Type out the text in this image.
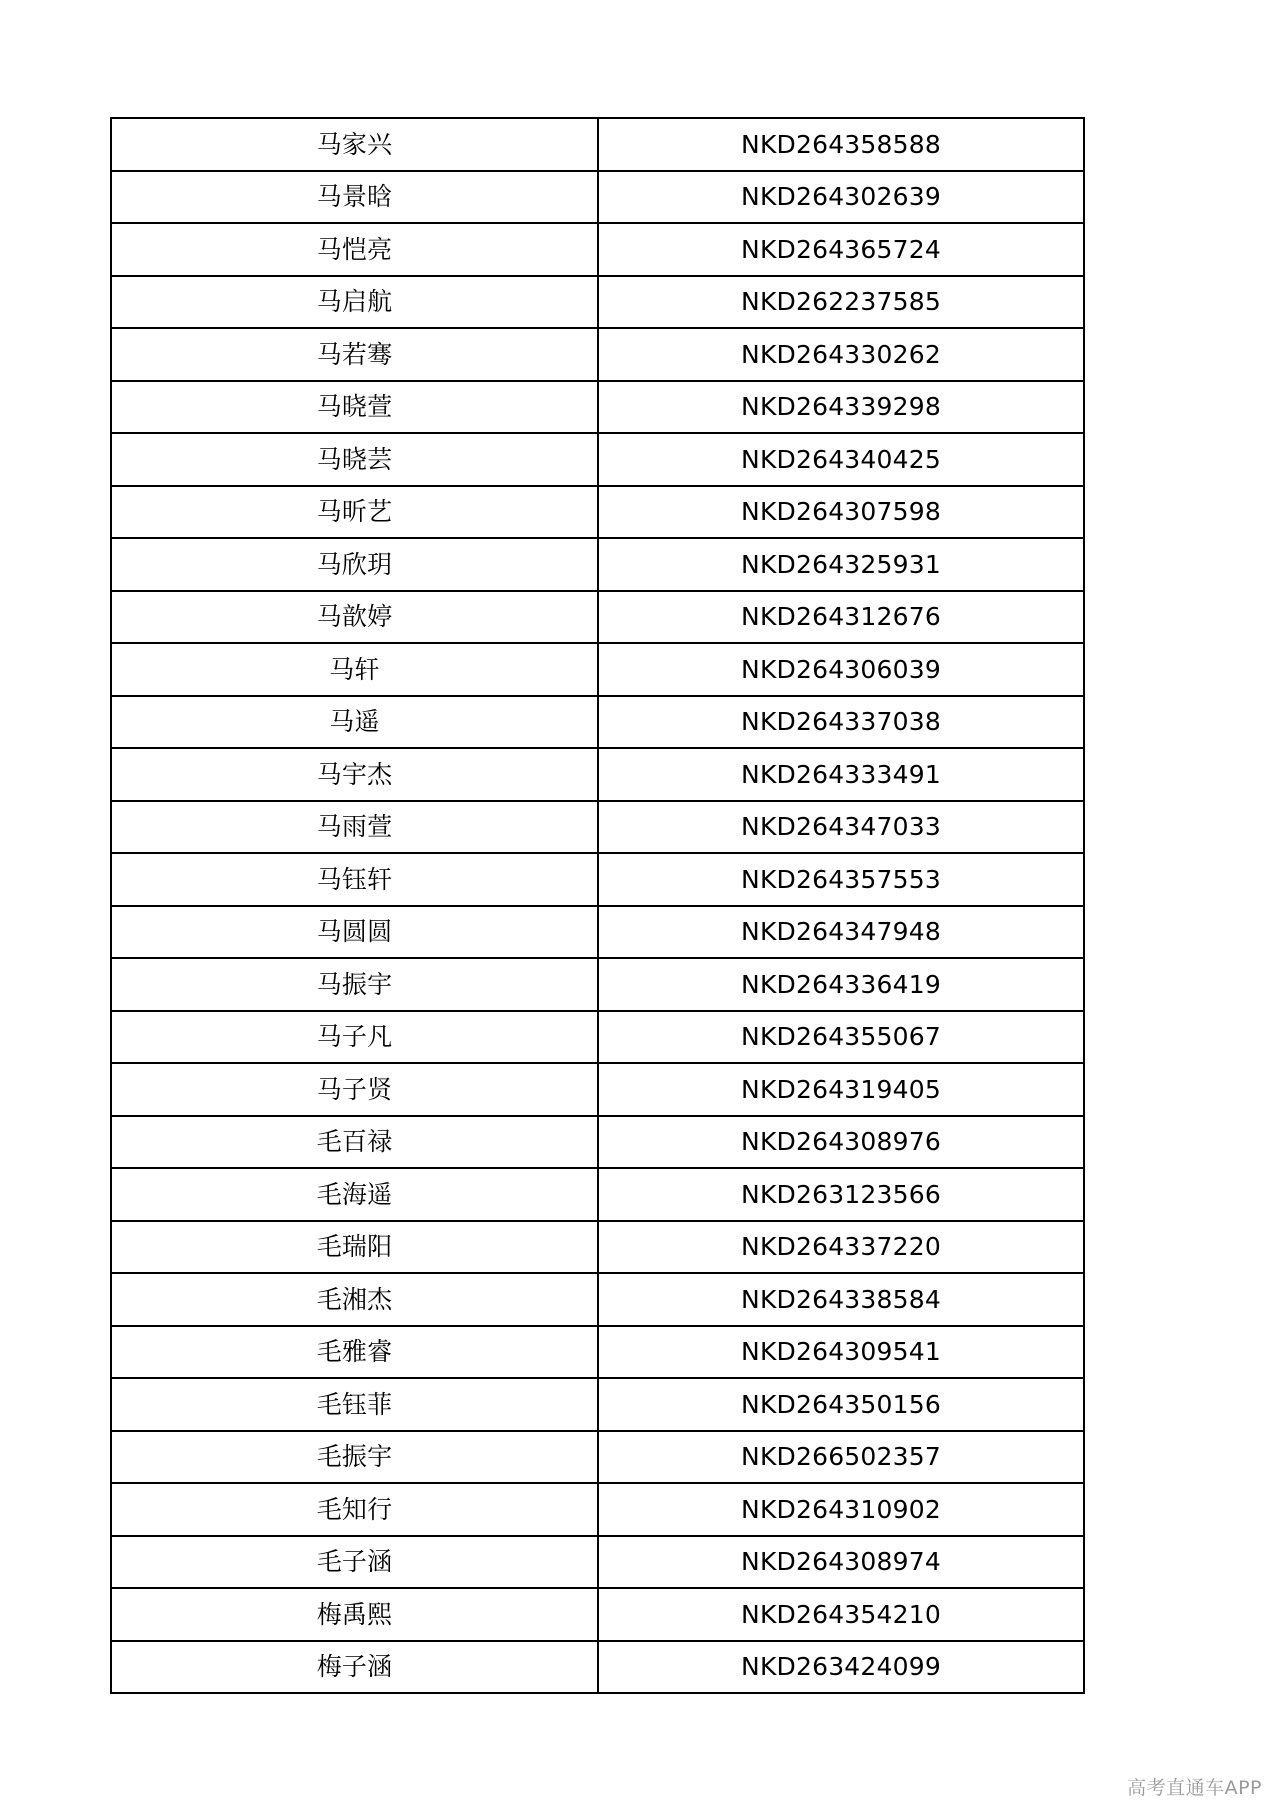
马家兴	NKD264358588
马景晗	NKD264302639
马恺亮	NKD264365724
马启航	NKD262237585
马若骞	NKD264330262
马晓萱	NKD264339298
马晓芸	NKD264340425
马昕艺	NKD264307598
马欣玥	NKD264325931
马歆婷	NKD264312676
马轩	NKD264306039
马遥	NKD264337038
马宇杰	NKD264333491
马雨萱	NKD264347033
马钰轩	NKD264357553
马圆圆	NKD264347948
马振宇	NKD264336419
马子凡	NKD264355067
马子贤	NKD264319405
毛百禄	NKD264308976
毛海遥	NKD263123566
毛瑞阳	NKD264337220
毛湘杰	NKD264338584
毛雅睿	NKD264309541
毛钰菲	NKD264350156
毛振宇	NKD266502357
毛知行	NKD264310902
毛子涵	NKD264308974
梅禹熙	NKD264354210
梅子涵	NKD263424099
高考直通车APP
